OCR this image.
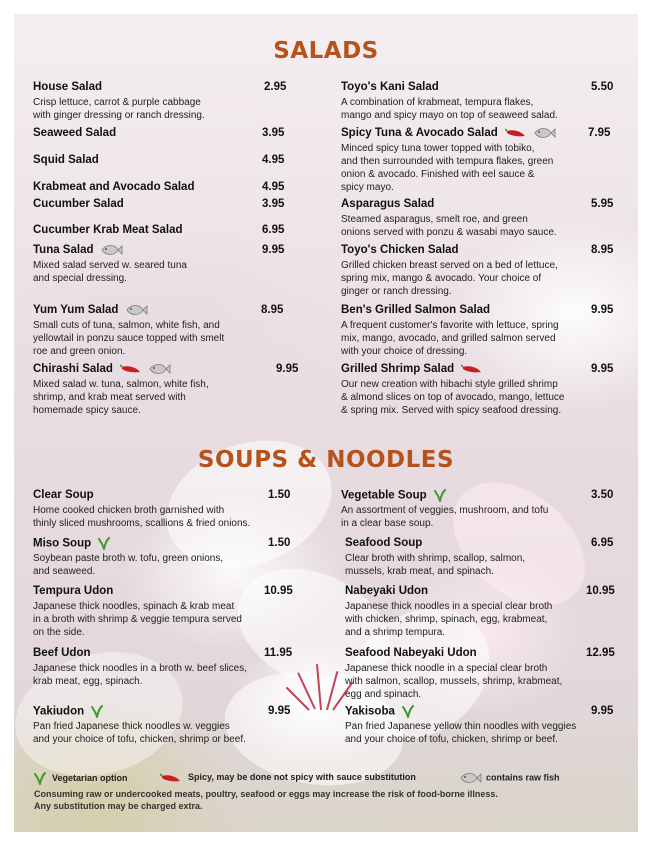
SALADS
House Salad	2.95
Crisp lettuce, carrot & purple cabbage
with ginger dressing or ranch dressing.
Seaweed Salad	3.95
Squid Salad	4.95
Krabmeat and Avocado Salad	4.95
Cucumber Salad	3.95
Cucumber Krab Meat Salad	6.95
Tuna Salad	9.95
Mixed salad served w. seared tuna
and special dressing.
Yum Yum Salad	8.95
Small cuts of tuna, salmon, white fish, and
yellowtail in ponzu sauce topped with smelt
roe and green onion.
Chirashi Salad	9.95
Mixed salad w. tuna, salmon, white fish,
shrimp, and krab meat served with
homemade spicy sauce.
Toyo's Kani Salad	5.50
A combination of krabmeat, tempura flakes,
mango and spicy mayo on top of seaweed salad.
Spicy Tuna & Avocado Salad	7.95
Minced spicy tuna tower topped with tobiko,
and then surrounded with tempura flakes, green
onion & avocado. Finished with eel sauce &
spicy mayo.
Asparagus Salad	5.95
Steamed asparagus, smelt roe, and green
onions served with ponzu & wasabi mayo sauce.
Toyo's Chicken Salad	8.95
Grilled chicken breast served on a bed of lettuce,
spring mix, mango & avocado. Your choice of
ginger or ranch dressing.
Ben's Grilled Salmon Salad	9.95
A frequent customer's favorite with lettuce, spring
mix, mango, avocado, and grilled salmon served
with your choice of dressing.
Grilled Shrimp Salad	9.95
Our new creation with hibachi style grilled shrimp
& almond slices on top of avocado, mango, lettuce
& spring mix. Served with spicy seafood dressing.
SOUPS & NOODLES
Clear Soup	1.50
Home cooked chicken broth garnished with
thinly sliced mushrooms, scallions & fried onions.
Miso Soup	1.50
Soybean paste broth w. tofu, green onions,
and seaweed.
Tempura Udon	10.95
Japanese thick noodles, spinach & krab meat
in a broth with shrimp & veggie tempura served
on the side.
Beef Udon	11.95
Japanese thick noodles in a broth w. beef slices,
krab meat, egg, spinach.
Yakiudon	9.95
Pan fried Japanese thick noodles w. veggies
and your choice of tofu, chicken, shrimp or beef.
Vegetable Soup	3.50
An assortment of veggies, mushroom, and tofu
in a clear base soup.
Seafood Soup	6.95
Clear broth with shrimp, scallop, salmon,
mussels, krab meat, and spinach.
Nabeyaki Udon	10.95
Japanese thick noodles in a special clear broth
with chicken, shrimp, spinach, egg, krabmeat,
and a shrimp tempura.
Seafood Nabeyaki Udon	12.95
Japanese thick noodle in a special clear broth
with salmon, scallop, mussels, shrimp, krabmeat,
egg and spinach.
Yakisoba	9.95
Pan fried Japanese yellow thin noodles with veggies
and your choice of tofu, chicken, shrimp or beef.
Vegetarian option	Spicy, may be done not spicy with sauce substitution	contains raw fish
Consuming raw or undercooked meats, poultry, seafood or eggs may increase the risk of food-borne illness.
Any substitution may be charged extra.
